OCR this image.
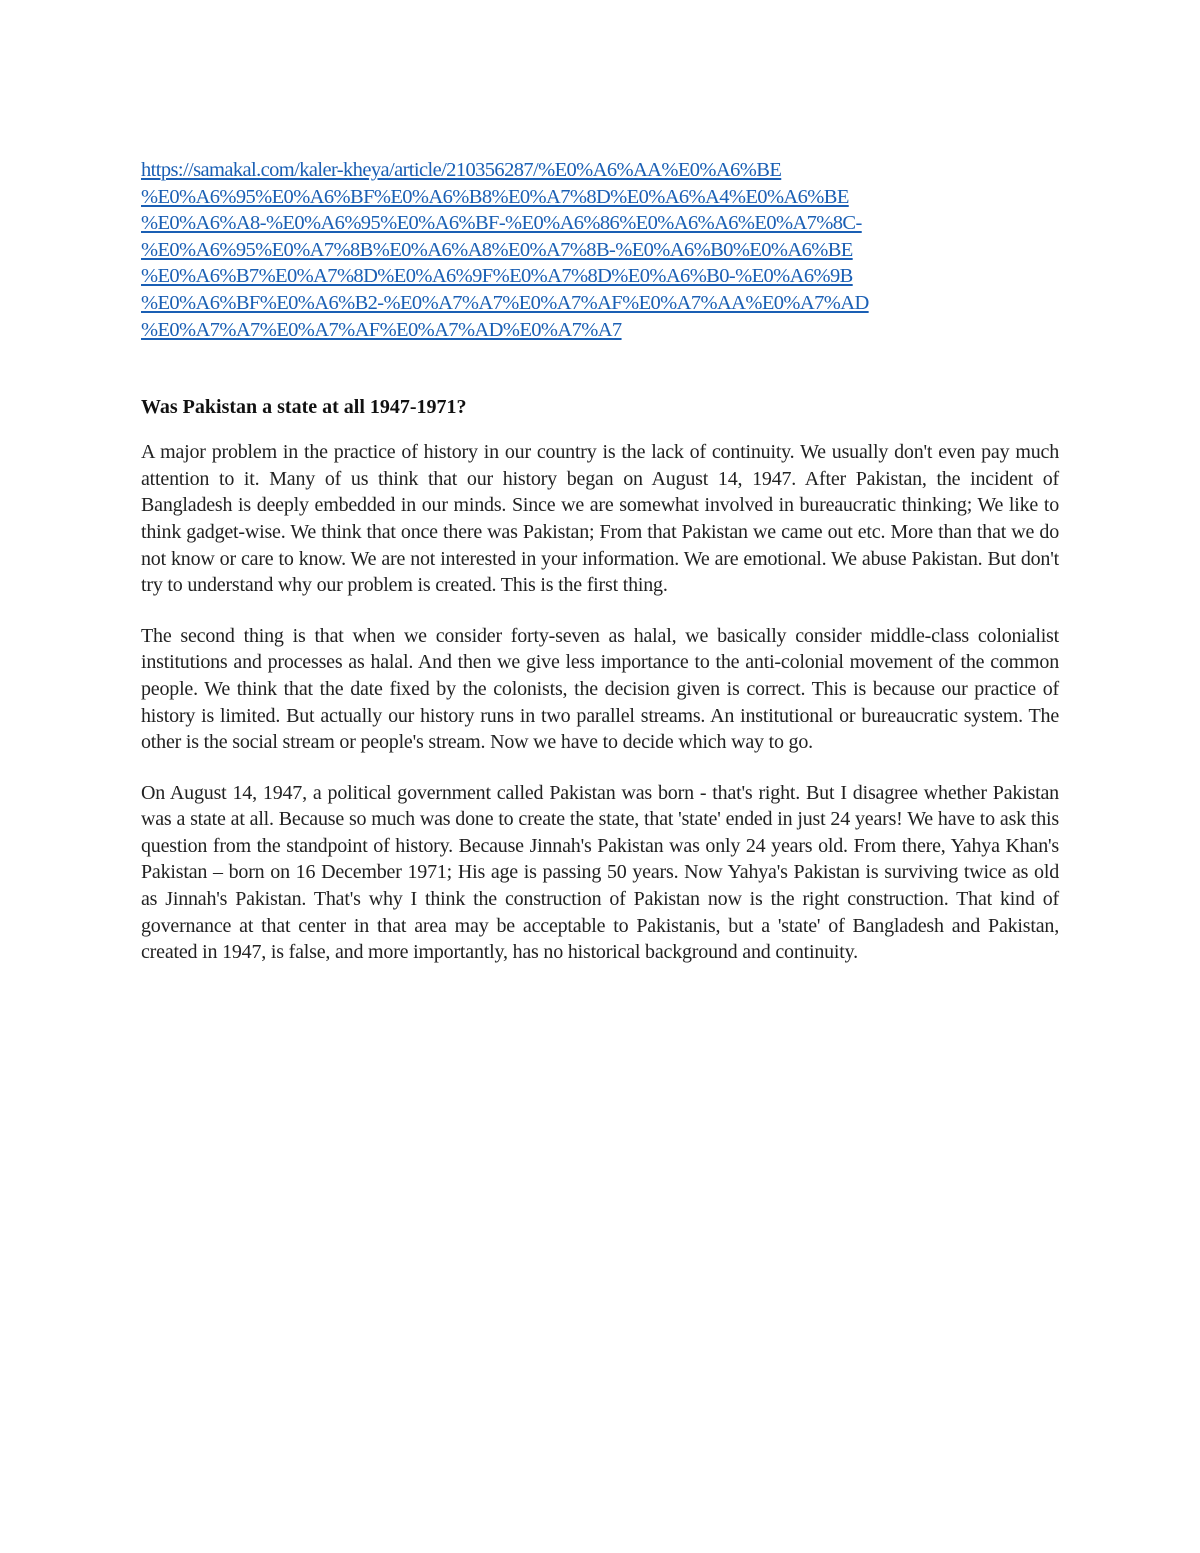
https://samakal.com/kaler-kheya/article/210356287/%E0%A6%AA%E0%A6%BE
%E0%A6%95%E0%A6%BF%E0%A6%B8%E0%A7%8D%E0%A6%A4%E0%A6%BE
%E0%A6%A8-%E0%A6%95%E0%A6%BF-%E0%A6%86%E0%A6%A6%E0%A7%8C-
%E0%A6%95%E0%A7%8B%E0%A6%A8%E0%A7%8B-%E0%A6%B0%E0%A6%BE
%E0%A6%B7%E0%A7%8D%E0%A6%9F%E0%A7%8D%E0%A6%B0-%E0%A6%9B
%E0%A6%BF%E0%A6%B2-%E0%A7%A7%E0%A7%AF%E0%A7%AA%E0%A7%AD
%E0%A7%A7%E0%A7%AF%E0%A7%AD%E0%A7%A7
Was Pakistan a state at all 1947-1971?

A major problem in the practice of history in our country is the lack of continuity. We usually don't even pay much attention to it. Many of us think that our history began on August 14, 1947. After Pakistan, the incident of Bangladesh is deeply embedded in our minds. Since we are somewhat involved in bureaucratic thinking; We like to think gadget-wise. We think that once there was Pakistan; From that Pakistan we came out etc. More than that we do not know or care to know. We are not interested in your information. We are emotional. We abuse Pakistan. But don't try to understand why our problem is created. This is the first thing.

The second thing is that when we consider forty-seven as halal, we basically consider middle-class colonialist institutions and processes as halal. And then we give less importance to the anti-colonial movement of the common people. We think that the date fixed by the colonists, the decision given is correct. This is because our practice of history is limited. But actually our history runs in two parallel streams. An institutional or bureaucratic system. The other is the social stream or people's stream. Now we have to decide which way to go.

On August 14, 1947, a political government called Pakistan was born - that's right. But I disagree whether Pakistan was a state at all. Because so much was done to create the state, that 'state' ended in just 24 years! We have to ask this question from the standpoint of history. Because Jinnah's Pakistan was only 24 years old. From there, Yahya Khan's Pakistan – born on 16 December 1971; His age is passing 50 years. Now Yahya's Pakistan is surviving twice as old as Jinnah's Pakistan. That's why I think the construction of Pakistan now is the right construction. That kind of governance at that center in that area may be acceptable to Pakistanis, but a 'state' of Bangladesh and Pakistan, created in 1947, is false, and more importantly, has no historical background and continuity.
